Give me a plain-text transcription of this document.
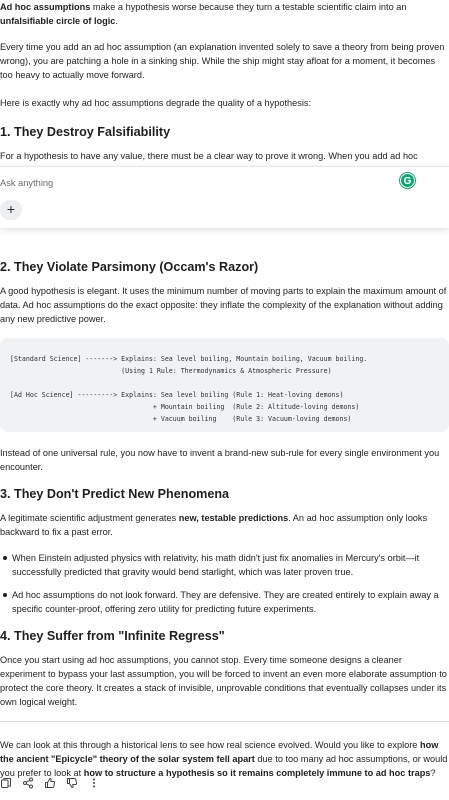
Ad hoc assumptions make a hypothesis worse because they turn a testable scientific claim into an unfalsifiable circle of logic.

Every time you add an ad hoc assumption (an explanation invented solely to save a theory from being proven wrong), you are patching a hole in a sinking ship. While the ship might stay afloat for a moment, it becomes too heavy to actually move forward.

Here is exactly why ad hoc assumptions degrade the quality of a hypothesis:

1. They Destroy Falsifiability

For a hypothesis to have any value, there must be a clear way to prove it wrong. When you add ad hoc

Ask anything	G
+
2. They Violate Parsimony (Occam's Razor)

A good hypothesis is elegant. It uses the minimum number of moving parts to explain the maximum amount of data. Ad hoc assumptions do the exact opposite: they inflate the complexity of the explanation without adding any new predictive power.

[Standard Science] -------> Explains: Sea level boiling, Mountain boiling, Vacuum boiling.
(Using 1 Rule: Thermodynamics & Atmospheric Pressure)

[Ad Hoc Science] ---------> Explains: Sea level boiling (Rule 1: Heat-loving demons)
+ Mountain boiling  (Rule 2: Altitude-loving demons)
+ Vacuum boiling    (Rule 3: Vacuum-loving demons)

Instead of one universal rule, you now have to invent a brand-new sub-rule for every single environment you encounter.

3. They Don't Predict New Phenomena

A legitimate scientific adjustment generates new, testable predictions. An ad hoc assumption only looks backward to fix a past error.

When Einstein adjusted physics with relativity, his math didn't just fix anomalies in Mercury's orbit—it successfully predicted that gravity would bend starlight, which was later proven true.
Ad hoc assumptions do not look forward. They are defensive. They are created entirely to explain away a specific counter-proof, offering zero utility for predicting future experiments.
4. They Suffer from "Infinite Regress"

Once you start using ad hoc assumptions, you cannot stop. Every time someone designs a cleaner experiment to bypass your last assumption, you will be forced to invent an even more elaborate assumption to protect the core theory. It creates a stack of invisible, unprovable conditions that eventually collapses under its own logical weight.

We can look at this through a historical lens to see how real science evolved. Would you like to explore how the ancient "Epicycle" theory of the solar system fell apart due to too many ad hoc assumptions, or would you prefer to look at how to structure a hypothesis so it remains completely immune to ad hoc traps?
